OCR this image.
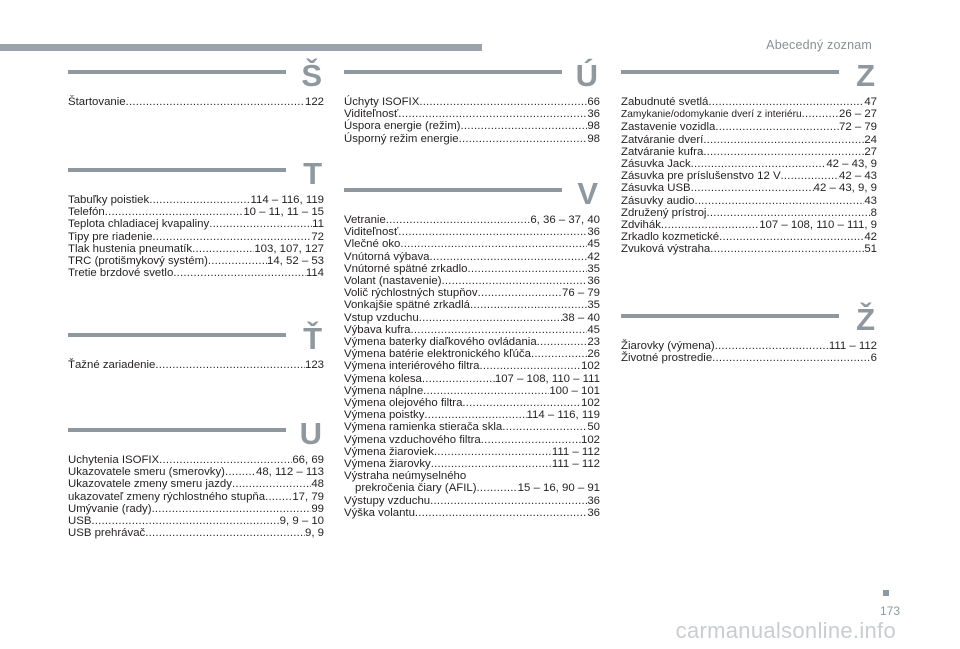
Abecedný zoznam
Š
Štartovanie .....	122
T
Tabuľky poistiek .....	114 – 116, 119
Telefón .....	10 – 11, 11 – 15
Teplota chladiacej kvapaliny .....	11
Tipy pre riadenie .....	72
Tlak hustenia pneumatík .....	103, 107, 127
TRC (protišmykový systém) .....	14, 52 – 53
Tretie brzdové svetlo .....	114
Ť
Ťažné zariadenie .....	123
U
Uchytenia ISOFIX .....	66, 69
Ukazovatele smeru (smerovky) .....	48, 112 – 113
Ukazovatele zmeny smeru jazdy .....	48
ukazovateľ zmeny rýchlostného stupňa ..... 17, 79
Umývanie (rady) .....	99
USB .....	9, 9 – 10
USB prehrávač .....	9, 9
Ú
Úchyty ISOFIX .....	66
Viditeľnosť .....	36
Úspora energie (režim) .....	98
Úsporný režim energie .....	98
V
Vetranie .....	6, 36 – 37, 40
Viditeľnosť .....	36
Vlečné oko .....	45
Vnútorná výbava .....	42
Vnútorné spätné zrkadlo .....	35
Volant (nastavenie) .....	36
Volič rýchlostných stupňov .....	76 – 79
Vonkajšie spätné zrkadlá .....	35
Vstup vzduchu .....	38 – 40
Výbava kufra .....	45
Výmena baterky diaľkového ovládania .....	23
Výmena batérie elektronického kľúča .....	26
Výmena interiérového filtra .....	102
Výmena kolesa .....	107 – 108, 110 – 111
Výmena náplne .....	100 – 101
Výmena olejového filtra .....	102
Výmena poistky .....	114 – 116, 119
Výmena ramienka stierača skla .....	50
Výmena vzduchového filtra .....	102
Výmena žiaroviek .....	111 – 112
Výmena žiarovky .....	111 – 112
Výstraha neúmyselného
prekročenia čiary (AFIL) .....	15 – 16, 90 – 91
Výstupy vzduchu .....	36
Výška volantu .....	36
Z
Zabudnuté svetlá .....	47
Zamykanie/odomykanie dverí z interiéru .....	26 – 27
Zastavenie vozidla .....	72 – 79
Zatváranie dverí .....	24
Zatváranie kufra .....	27
Zásuvka Jack .....	42 – 43, 9
Zásuvka pre príslušenstvo 12 V .....	42 – 43
Zásuvka USB .....	42 – 43, 9, 9
Zásuvky audio .....	43
Združený prístroj .....	8
Zdvihák .....	107 – 108, 110 – 111, 9
Zrkadlo kozmetické .....	42
Zvuková výstraha .....	51
Ž
Žiarovky (výmena) .....	111 – 112
Životné prostredie .....	6
173
carmanualsonline.info
